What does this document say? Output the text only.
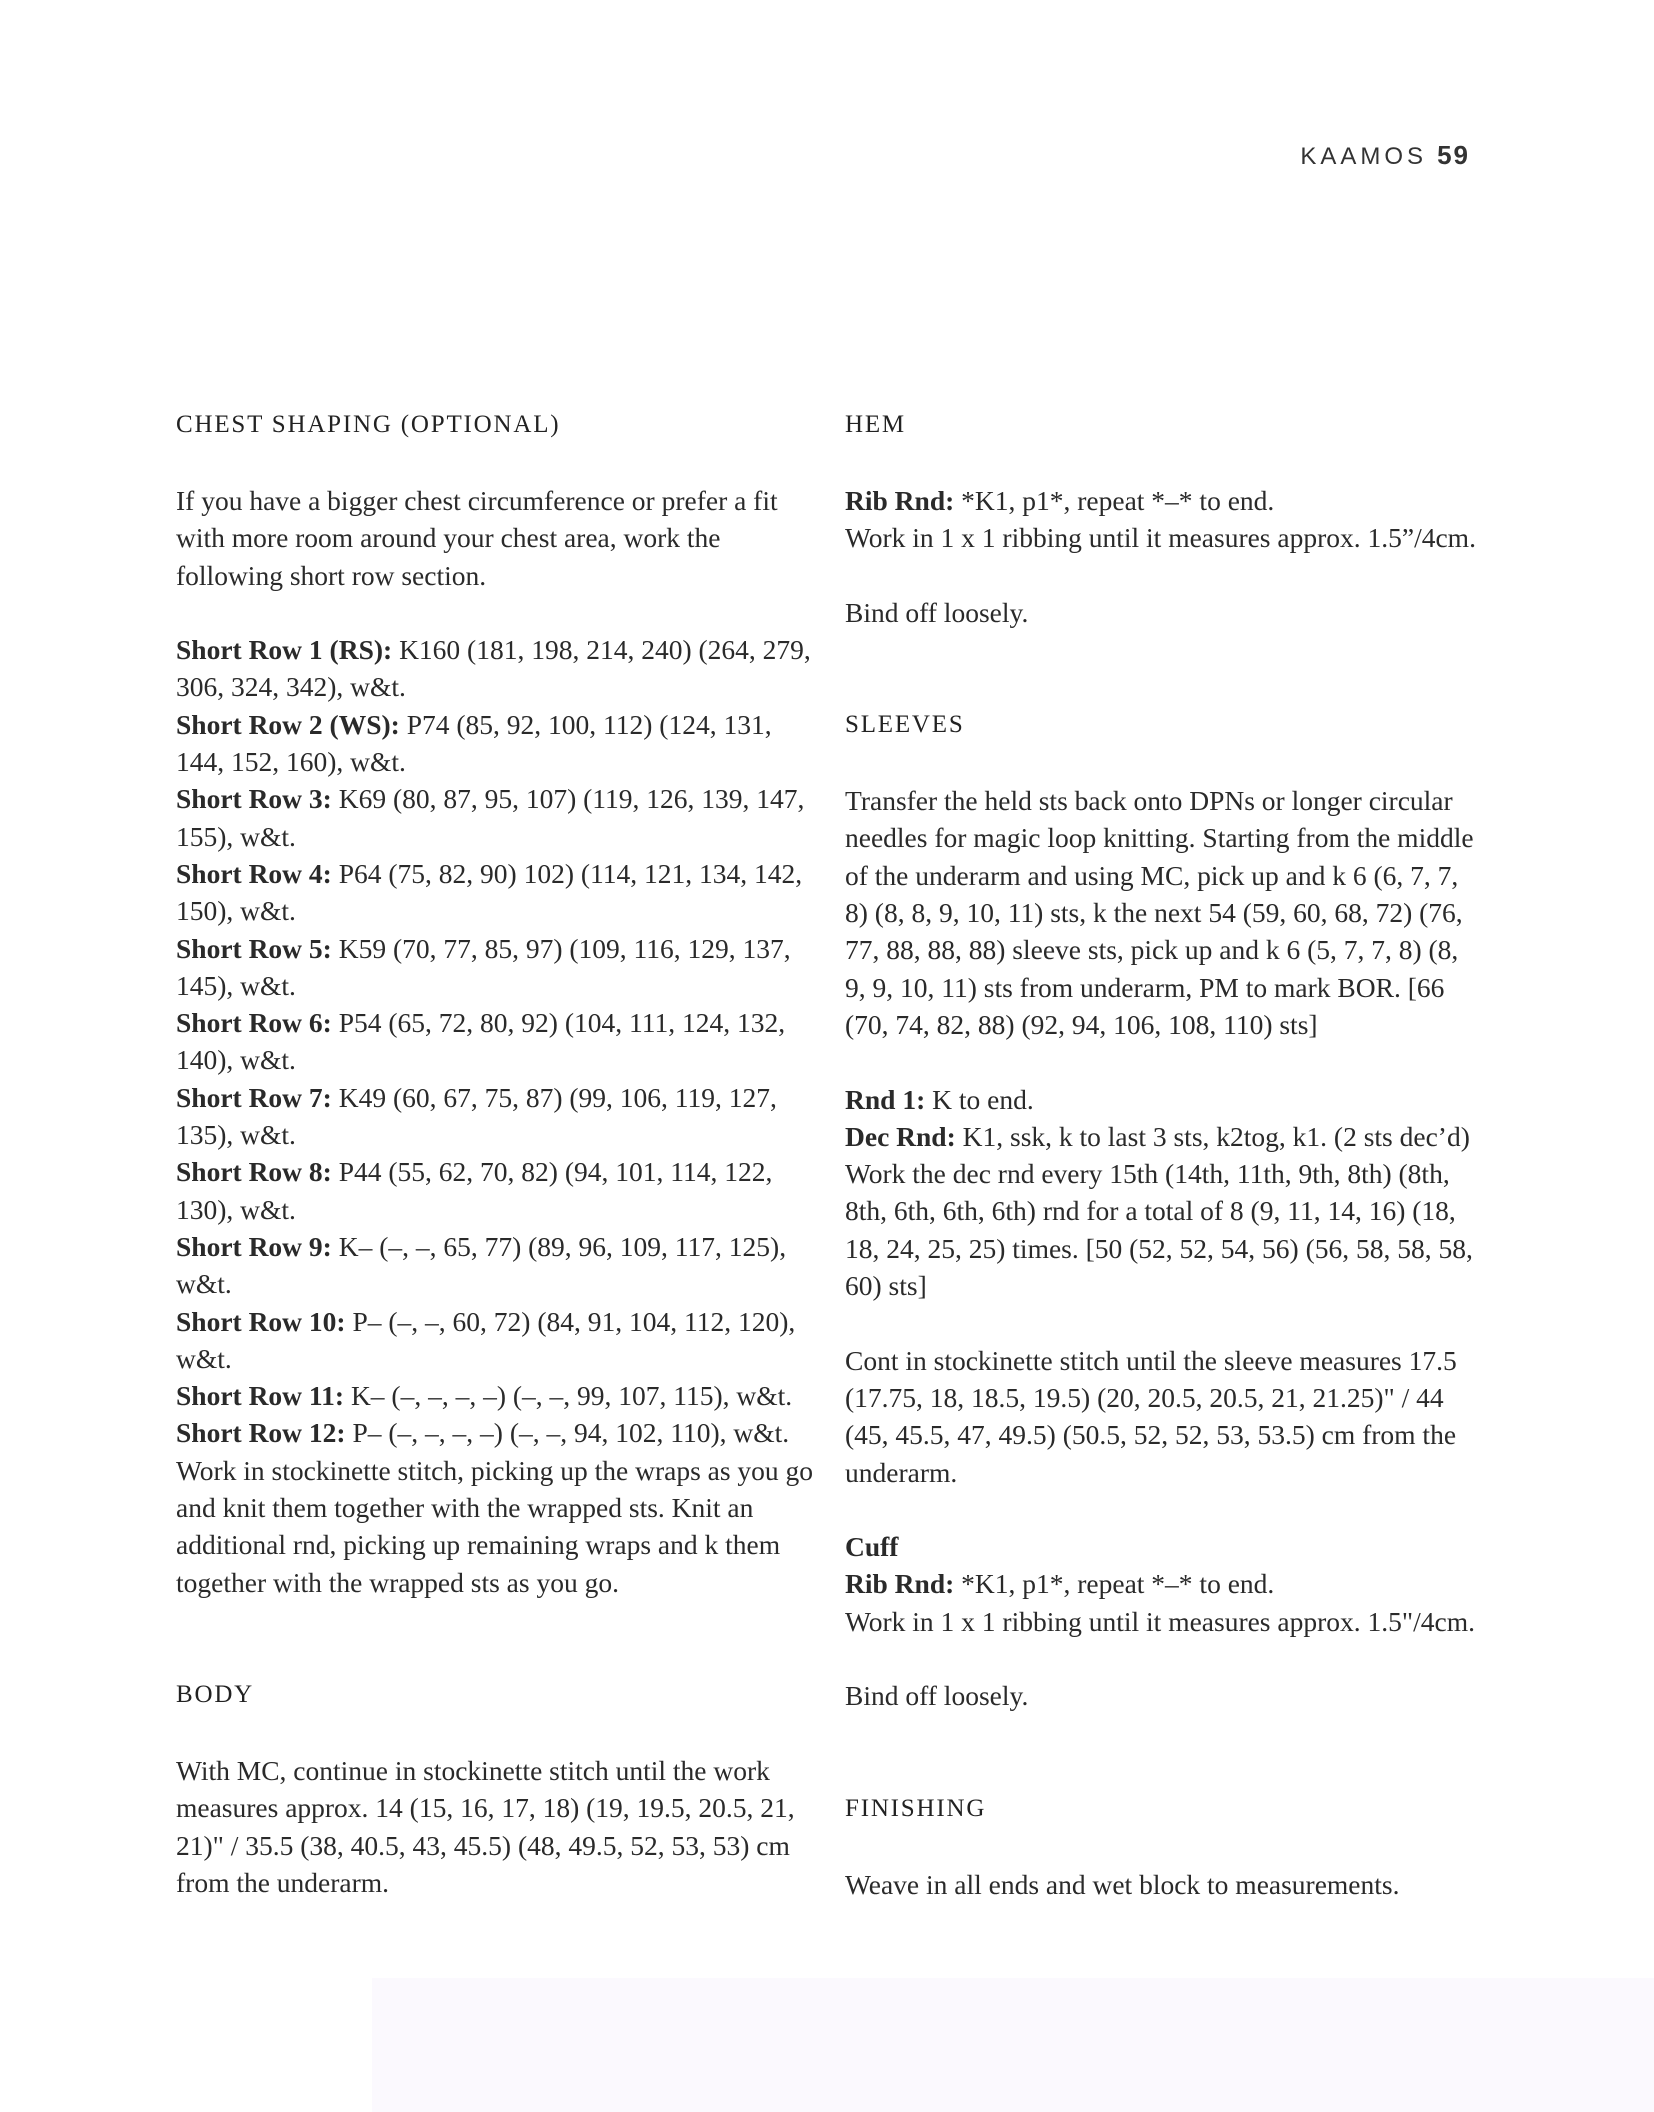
KAAMOS 59
CHEST SHAPING (OPTIONAL)

If you have a bigger chest circumference or prefer a fit with more room around your chest area, work the following short row section.

Short Row 1 (RS): K160 (181, 198, 214, 240) (264, 279, 306, 324, 342), w&t.
Short Row 2 (WS): P74 (85, 92, 100, 112) (124, 131, 144, 152, 160), w&t.
Short Row 3: K69 (80, 87, 95, 107) (119, 126, 139, 147, 155), w&t.
Short Row 4: P64 (75, 82, 90) 102) (114, 121, 134, 142, 150), w&t.
Short Row 5: K59 (70, 77, 85, 97) (109, 116, 129, 137, 145), w&t.
Short Row 6: P54 (65, 72, 80, 92) (104, 111, 124, 132, 140), w&t.
Short Row 7: K49 (60, 67, 75, 87) (99, 106, 119, 127, 135), w&t.
Short Row 8: P44 (55, 62, 70, 82) (94, 101, 114, 122, 130), w&t.
Short Row 9: K– (–, –, 65, 77) (89, 96, 109, 117, 125), w&t.
Short Row 10: P– (–, –, 60, 72) (84, 91, 104, 112, 120), w&t.
Short Row 11: K– (–, –, –, –) (–, –, 99, 107, 115), w&t.
Short Row 12: P– (–, –, –, –) (–, –, 94, 102, 110), w&t.

Work in stockinette stitch, picking up the wraps as you go and knit them together with the wrapped sts. Knit an additional rnd, picking up remaining wraps and k them together with the wrapped sts as you go.

BODY

With MC, continue in stockinette stitch until the work measures approx. 14 (15, 16, 17, 18) (19, 19.5, 20.5, 21, 21)" / 35.5 (38, 40.5, 43, 45.5) (48, 49.5, 52, 53, 53) cm from the underarm.

HEM

Rib Rnd: *K1, p1*, repeat *–* to end.
Work in 1 x 1 ribbing until it measures approx. 1.5”/4cm.

Bind off loosely.

SLEEVES

Transfer the held sts back onto DPNs or longer circular needles for magic loop knitting. Starting from the middle of the underarm and using MC, pick up and k 6 (6, 7, 7, 8) (8, 8, 9, 10, 11) sts, k the next 54 (59, 60, 68, 72) (76, 77, 88, 88, 88) sleeve sts, pick up and k 6 (5, 7, 7, 8) (8, 9, 9, 10, 11) sts from underarm, PM to mark BOR. [66 (70, 74, 82, 88) (92, 94, 106, 108, 110) sts]

Rnd 1: K to end.
Dec Rnd: K1, ssk, k to last 3 sts, k2tog, k1. (2 sts dec’d)
Work the dec rnd every 15th (14th, 11th, 9th, 8th) (8th, 8th, 6th, 6th, 6th) rnd for a total of 8 (9, 11, 14, 16) (18, 18, 24, 25, 25) times. [50 (52, 52, 54, 56) (56, 58, 58, 58, 60) sts]

Cont in stockinette stitch until the sleeve measures 17.5 (17.75, 18, 18.5, 19.5) (20, 20.5, 20.5, 21, 21.25)" / 44 (45, 45.5, 47, 49.5) (50.5, 52, 52, 53, 53.5) cm from the underarm.

Cuff
Rib Rnd: *K1, p1*, repeat *–* to end.
Work in 1 x 1 ribbing until it measures approx. 1.5"/4cm.

Bind off loosely.

FINISHING

Weave in all ends and wet block to measurements.
